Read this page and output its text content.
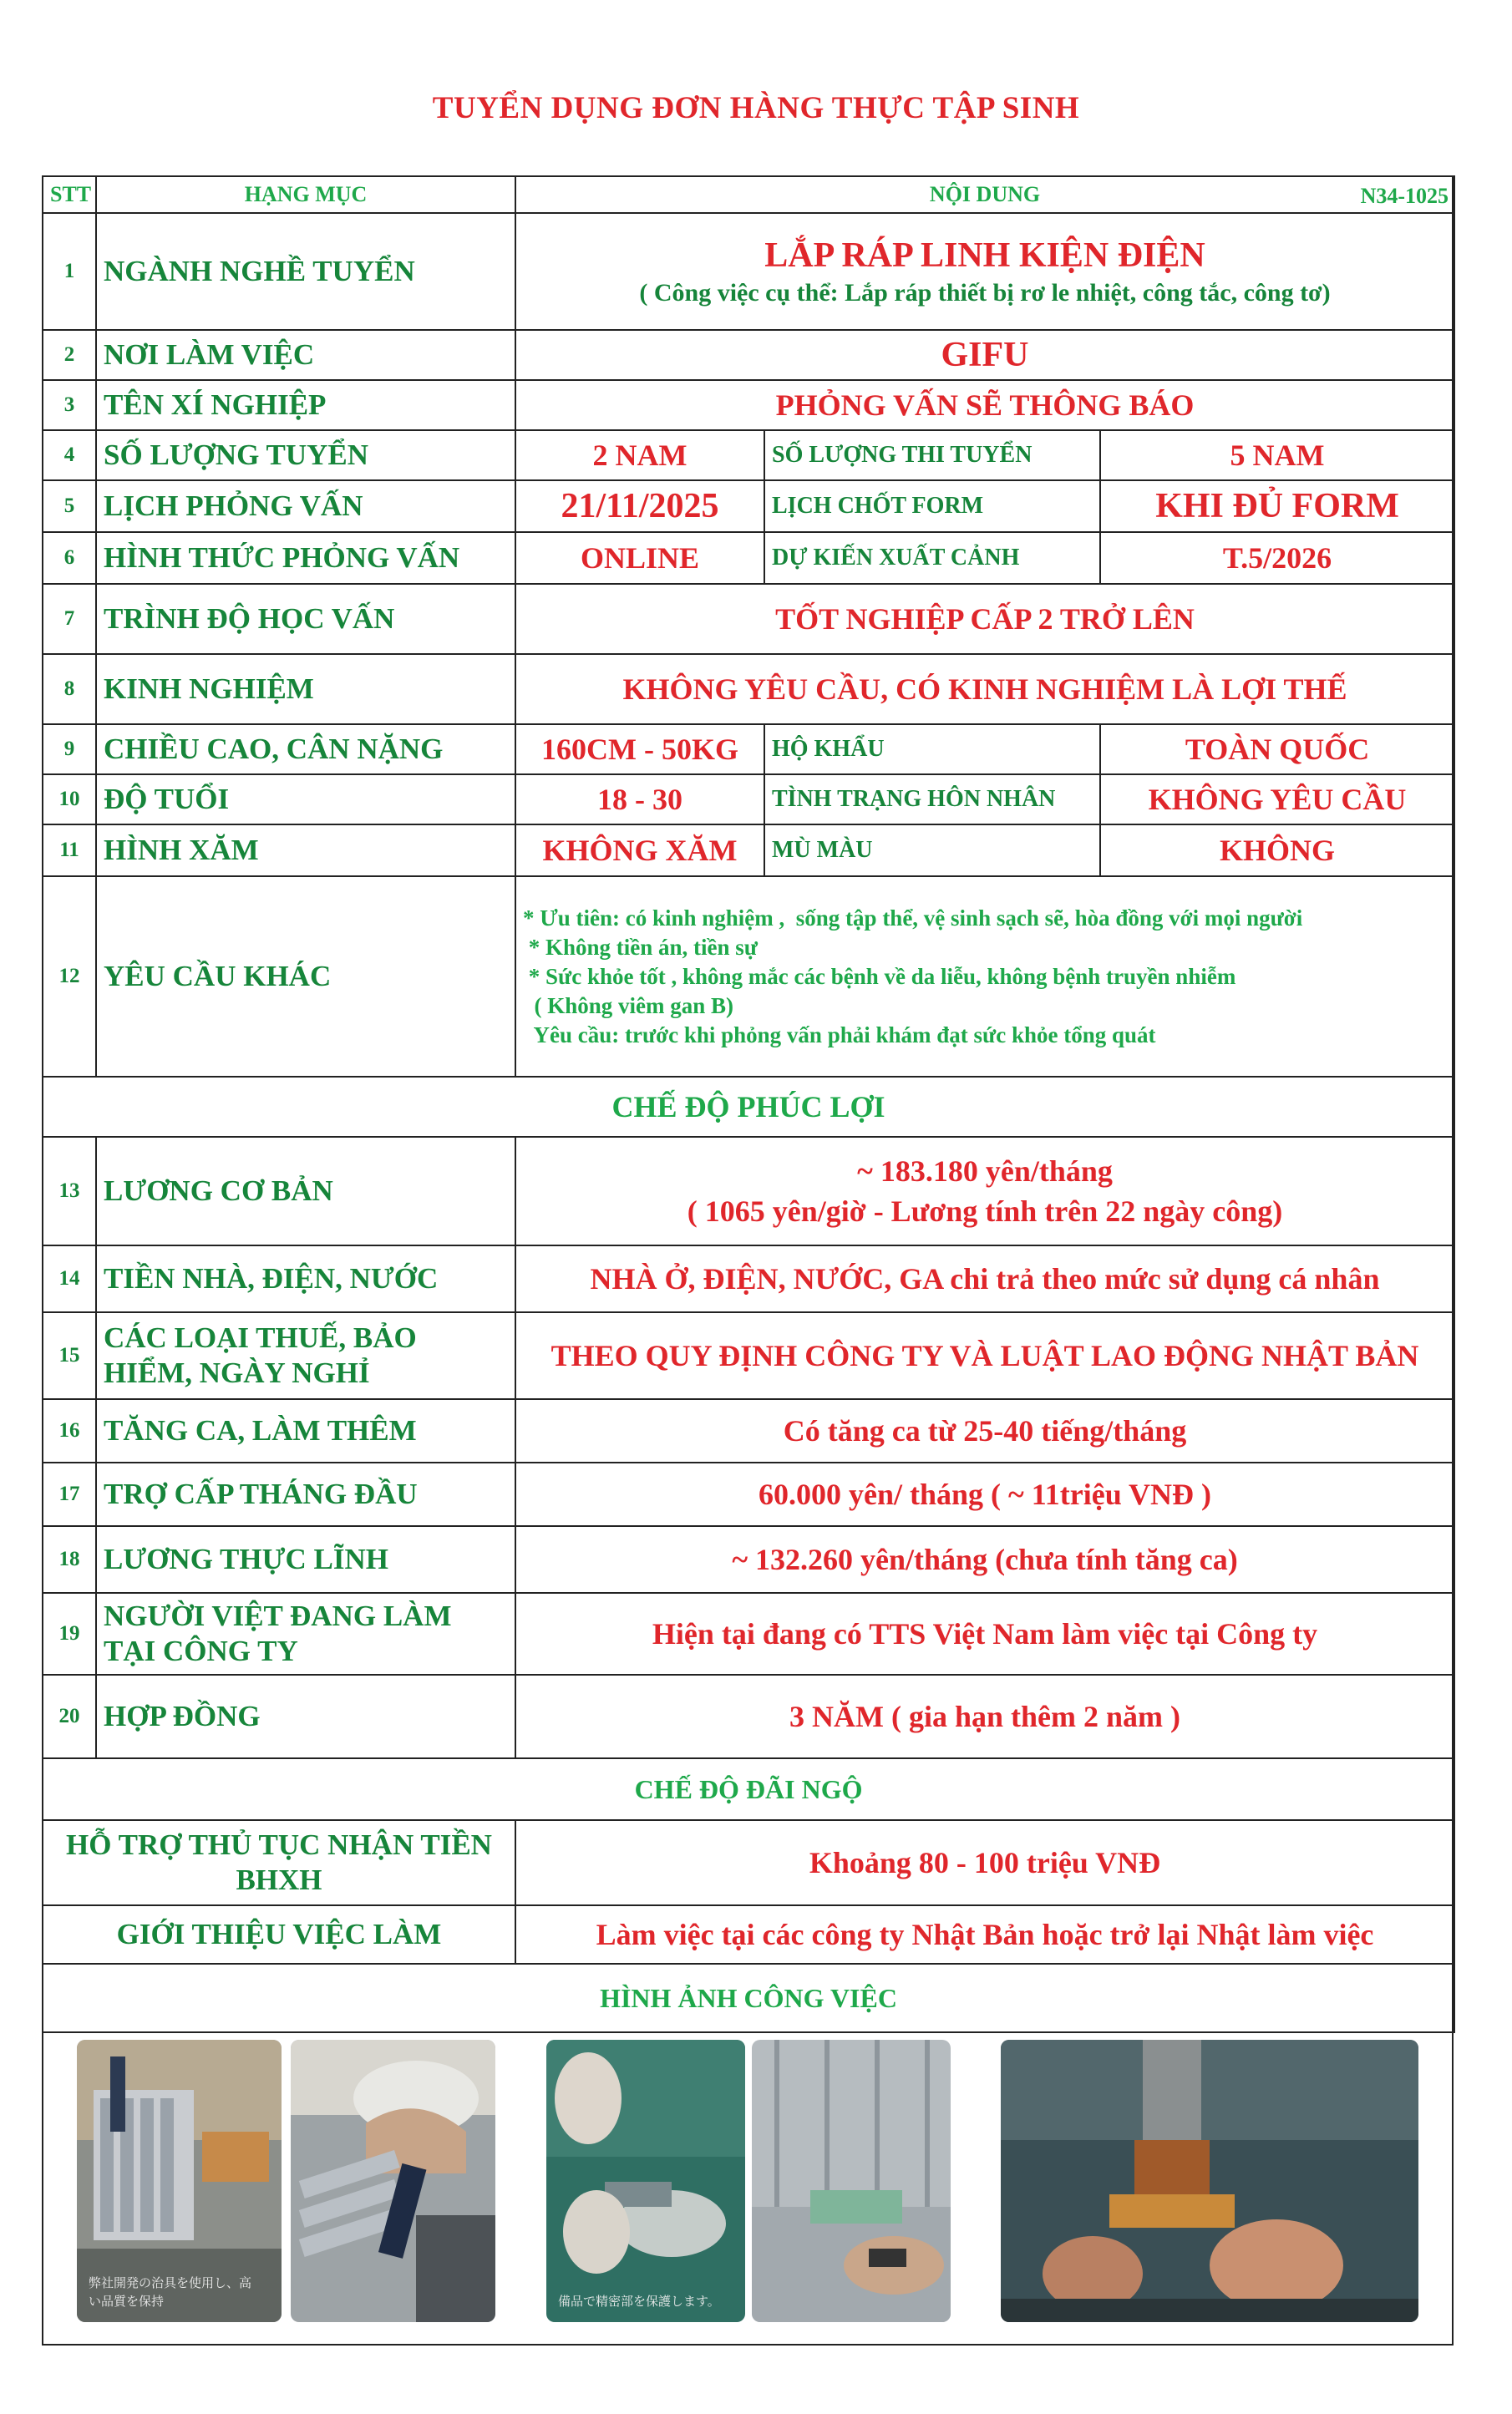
TUYỂN DỤNG ĐƠN HÀNG THỰC TẬP SINH
STT	HẠNG MỤC	NỘI DUNG N34-1025		

1	NGÀNH NGHỀ TUYỂN	LẮP RÁP LINH KIỆN ĐIỆN
( Công việc cụ thể: Lắp ráp thiết bị rơ le nhiệt, công tắc, công tơ)		

2	NƠI LÀM VIỆC	GIFU		
3	TÊN XÍ NGHIỆP	PHỎNG VẤN SẼ THÔNG BÁO		
4	SỐ LƯỢNG TUYỂN	2 NAM	SỐ LƯỢNG THI TUYỂN	5 NAM
5	LỊCH PHỎNG VẤN	21/11/2025	LỊCH CHỐT FORM	KHI ĐỦ FORM
6	HÌNH THỨC PHỎNG VẤN	ONLINE	DỰ KIẾN XUẤT CẢNH	T.5/2026
7	TRÌNH ĐỘ HỌC VẤN	TỐT NGHIỆP CẤP 2 TRỞ LÊN		
8	KINH NGHIỆM	KHÔNG YÊU CẦU, CÓ KINH NGHIỆM LÀ LỢI THẾ		
9	CHIỀU CAO, CÂN NẶNG	160CM - 50KG	HỘ KHẨU	TOÀN QUỐC
10	ĐỘ TUỔI	18 - 30	TÌNH TRẠNG HÔN NHÂN	KHÔNG YÊU CẦU
11	HÌNH XĂM	KHÔNG XĂM	MÙ MÀU	KHÔNG
12	YÊU CẦU KHÁC	* Ưu tiên: có kinh nghiệm ,  sống tập thể, vệ sinh sạch sẽ, hòa đồng với mọi người
* Không tiền án, tiền sự
* Sức khỏe tốt , không mắc các bệnh về da liễu, không bệnh truyền nhiễm
( Không viêm gan B)
Yêu cầu: trước khi phỏng vấn phải khám đạt sức khỏe tổng quát		

CHẾ ĐỘ PHÚC LỢI				
13	LƯƠNG CƠ BẢN	~ 183.180 yên/tháng
( 1065 yên/giờ - Lương tính trên 22 ngày công)		

14	TIỀN NHÀ, ĐIỆN, NƯỚC	NHÀ Ở, ĐIỆN, NƯỚC, GA chi trả theo mức sử dụng cá nhân		
15	CÁC LOẠI THUẾ, BẢO HIỂM, NGÀY NGHỈ	THEO QUY ĐỊNH CÔNG TY VÀ LUẬT LAO ĐỘNG NHẬT BẢN		
16	TĂNG CA, LÀM THÊM	Có tăng ca từ 25-40 tiếng/tháng		
17	TRỢ CẤP THÁNG ĐẦU	60.000 yên/ tháng ( ~ 11triệu VNĐ )		
18	LƯƠNG THỰC LĨNH	~ 132.260 yên/tháng (chưa tính tăng ca)		
19	NGƯỜI VIỆT ĐANG LÀM TẠI CÔNG TY	Hiện tại đang có TTS Việt Nam làm việc tại Công ty		
20	HỢP ĐỒNG	3 NĂM ( gia hạn thêm 2 năm )		
CHẾ ĐỘ ĐÃI NGỘ				
HỖ TRỢ THỦ TỤC NHẬN TIỀN BHXH		Khoảng 80 - 100 triệu VNĐ		
GIỚI THIỆU VIỆC LÀM		Làm việc tại các công ty Nhật Bản hoặc trở lại Nhật làm việc		
HÌNH ẢNH CÔNG VIỆC				
弊社開発の治具を使用し、高い品質を保持	備品で精密部を保護します。
